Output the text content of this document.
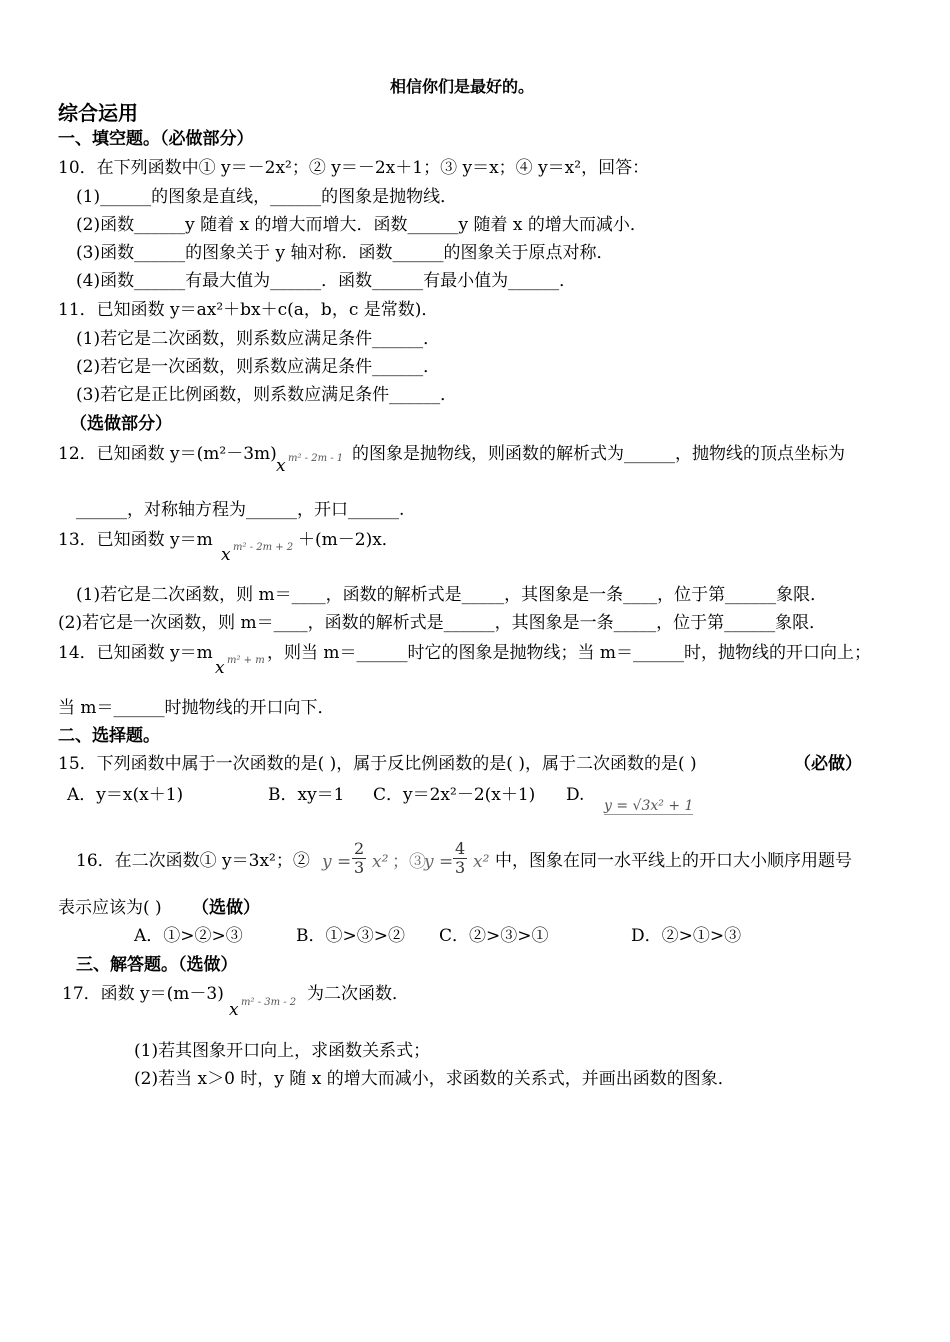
相信你们是最好的。
综合运用
一、填空题。（必做部分）
10．在下列函数中① y＝－2x²；② y＝－2x＋1；③ y＝x；④ y＝x²，回答：
(1)______的图象是直线，______的图象是抛物线．
(2)函数______y 随着 x 的增大而增大．函数______y 随着 x 的增大而减小．
(3)函数______的图象关于 y 轴对称．函数______的图象关于原点对称．
(4)函数______有最大值为______．函数______有最小值为______．
11．已知函数 y＝ax²＋bx＋c(a，b，c 是常数)．
(1)若它是二次函数，则系数应满足条件______．
(2)若它是一次函数，则系数应满足条件______．
(3)若它是正比例函数，则系数应满足条件______．
（选做部分）
12．已知函数 y＝(m²－3m)
x m² - 2m - 1 的图象是抛物线，则函数的解析式为______，抛物线的顶点坐标为
______，对称轴方程为______，开口______.
13．已知函数 y＝m
x m² - 2m + 2 ＋(m－2)x．
(1)若它是二次函数，则 m＝____，函数的解析式是_____，其图象是一条____，位于第______象限．
(2)若它是一次函数，则 m＝____，函数的解析式是______，其图象是一条_____，位于第______象限．
14．已知函数 y＝m
x m² + m ，则当 m＝______时它的图象是抛物线；当 m＝______时，抛物线的开口向上；
当 m＝______时抛物线的开口向下．
二、选择题。
15．下列函数中属于一次函数的是( )，属于反比例函数的是( )，属于二次函数的是( )	（必做）
A．y＝x(x＋1)	B．xy＝1 C．y＝2x²－2(x＋1) D.
y = √3x² + 1
16．在二次函数① y＝3x²；② $y = \frac{2}{3} x^2$ ；③
$y = \frac{4}{3} x^2$ 中，图象在同一水平线上的开口大小顺序用题号
表示应该为( ) （选做）
A．①>②>③	B．①>③>② C．②>③>①	D．②>①>③
三、解答题。（选做）
17．函数 y＝(m－3)
x m² - 3m - 2 为二次函数．
(1)若其图象开口向上，求函数关系式；
(2)若当 x＞0 时，y 随 x 的增大而减小，求函数的关系式，并画出函数的图象．
